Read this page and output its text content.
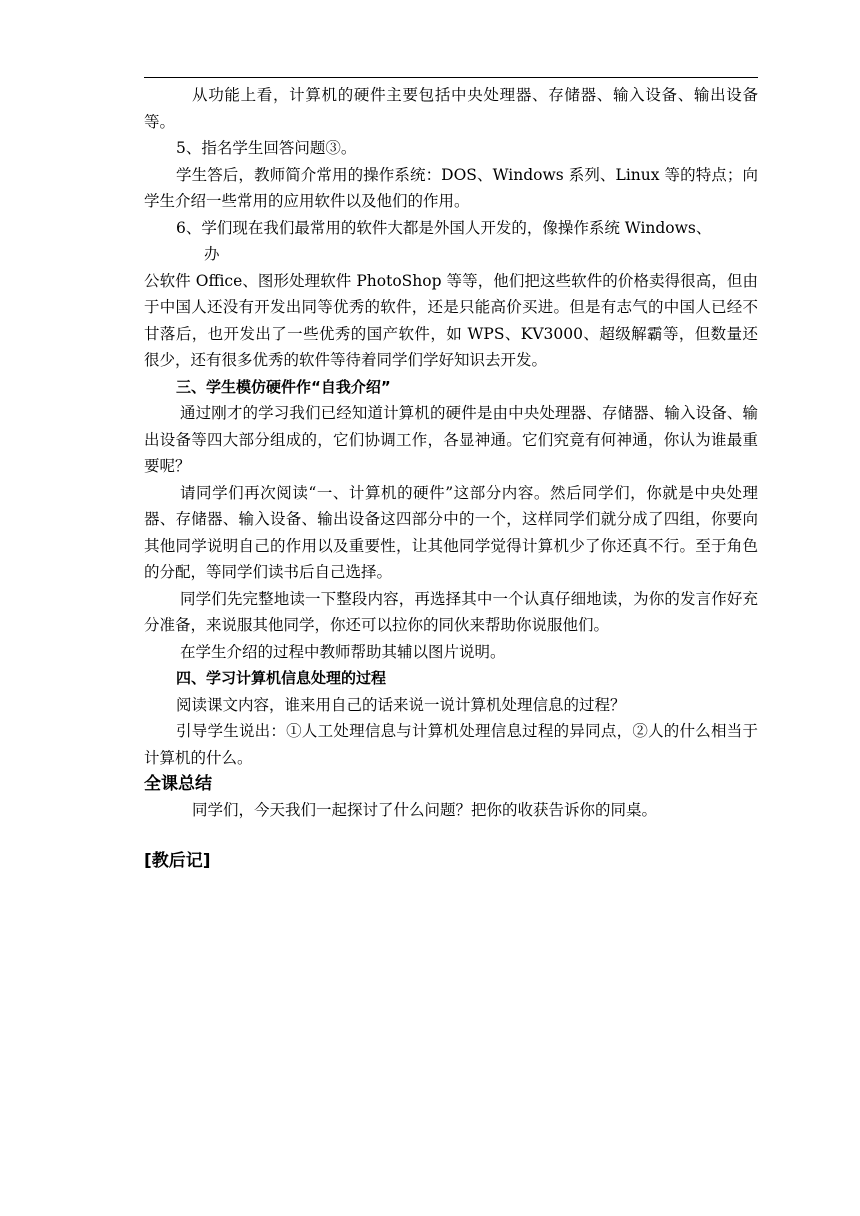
从功能上看，计算机的硬件主要包括中央处理器、存储器、输入设备、输出设备等。

5、指名学生回答问题③。

学生答后，教师简介常用的操作系统：DOS、Windows 系列、Linux 等的特点；向学生介绍一些常用的应用软件以及他们的作用。

6、学们现在我们最常用的软件大都是外国人开发的，像操作系统 Windows、

办

公软件 Office、图形处理软件 PhotoShop 等等，他们把这些软件的价格卖得很高，但由于中国人还没有开发出同等优秀的软件，还是只能高价买进。但是有志气的中国人已经不甘落后，也开发出了一些优秀的国产软件，如 WPS、KV3000、超级解霸等，但数量还很少，还有很多优秀的软件等待着同学们学好知识去开发。

三、学生模仿硬件作“自我介绍”

通过刚才的学习我们已经知道计算机的硬件是由中央处理器、存储器、输入设备、输出设备等四大部分组成的，它们协调工作，各显神通。它们究竟有何神通，你认为谁最重要呢？

请同学们再次阅读“一、计算机的硬件”这部分内容。然后同学们，你就是中央处理器、存储器、输入设备、输出设备这四部分中的一个，这样同学们就分成了四组，你要向其他同学说明自己的作用以及重要性，让其他同学觉得计算机少了你还真不行。至于角色的分配，等同学们读书后自己选择。

同学们先完整地读一下整段内容，再选择其中一个认真仔细地读，为你的发言作好充分准备，来说服其他同学，你还可以拉你的同伙来帮助你说服他们。

在学生介绍的过程中教师帮助其辅以图片说明。

四、学习计算机信息处理的过程

阅读课文内容，谁来用自己的话来说一说计算机处理信息的过程？

引导学生说出：①人工处理信息与计算机处理信息过程的异同点，②人的什么相当于计算机的什么。

全课总结

同学们，今天我们一起探讨了什么问题？把你的收获告诉你的同桌。

[教后记]
